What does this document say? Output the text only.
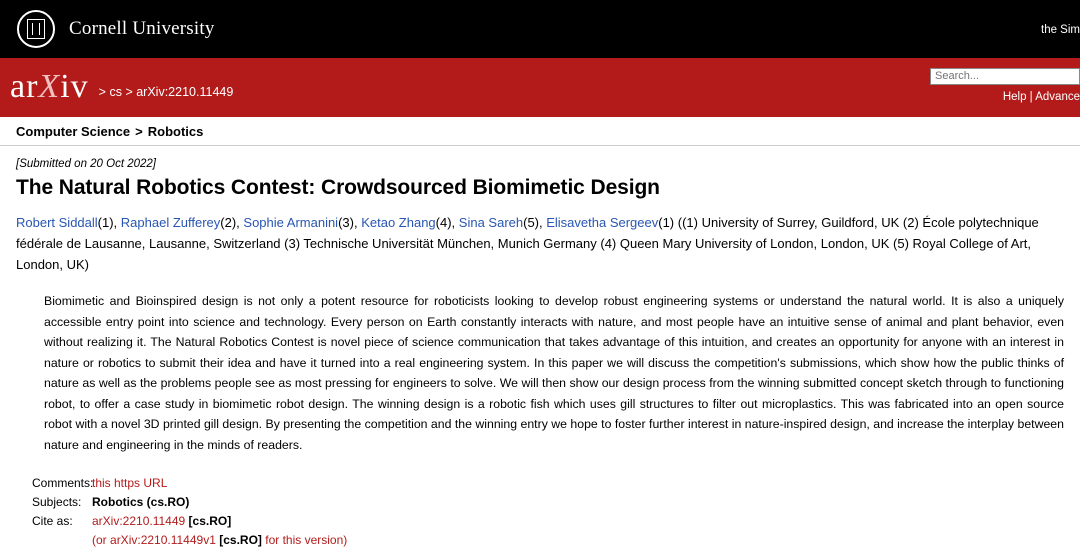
Cornell University	the Sim
arXiv > cs > arXiv:2210.11449
Search...	Help | Advance
Computer Science > Robotics
[Submitted on 20 Oct 2022]
The Natural Robotics Contest: Crowdsourced Biomimetic Design
Robert Siddall(1), Raphael Zufferey(2), Sophie Armanini(3), Ketao Zhang(4), Sina Sareh(5), Elisavetha Sergeev(1) ((1) University of Surrey, Guildford, UK (2) École polytechnique fédérale de Lausanne, Lausanne, Switzerland (3) Technische Universität München, Munich Germany (4) Queen Mary University of London, London, UK (5) Royal College of Art, London, UK)
Biomimetic and Bioinspired design is not only a potent resource for roboticists looking to develop robust engineering systems or understand the natural world. It is also a uniquely accessible entry point into science and technology. Every person on Earth constantly interacts with nature, and most people have an intuitive sense of animal and plant behavior, even without realizing it. The Natural Robotics Contest is novel piece of science communication that takes advantage of this intuition, and creates an opportunity for anyone with an interest in nature or robotics to submit their idea and have it turned into a real engineering system. In this paper we will discuss the competition's submissions, which show how the public thinks of nature as well as the problems people see as most pressing for engineers to solve. We will then show our design process from the winning submitted concept sketch through to functioning robot, to offer a case study in biomimetic robot design. The winning design is a robotic fish which uses gill structures to filter out microplastics. This was fabricated into an open source robot with a novel 3D printed gill design. By presenting the competition and the winning entry we hope to foster further interest in nature-inspired design, and increase the interplay between nature and engineering in the minds of readers.
Comments:
this https URL
Subjects: Robotics (cs.RO)
Cite as:	arXiv:2210.11449 [cs.RO]
(or arXiv:2210.11449v1 [cs.RO] for this version)
